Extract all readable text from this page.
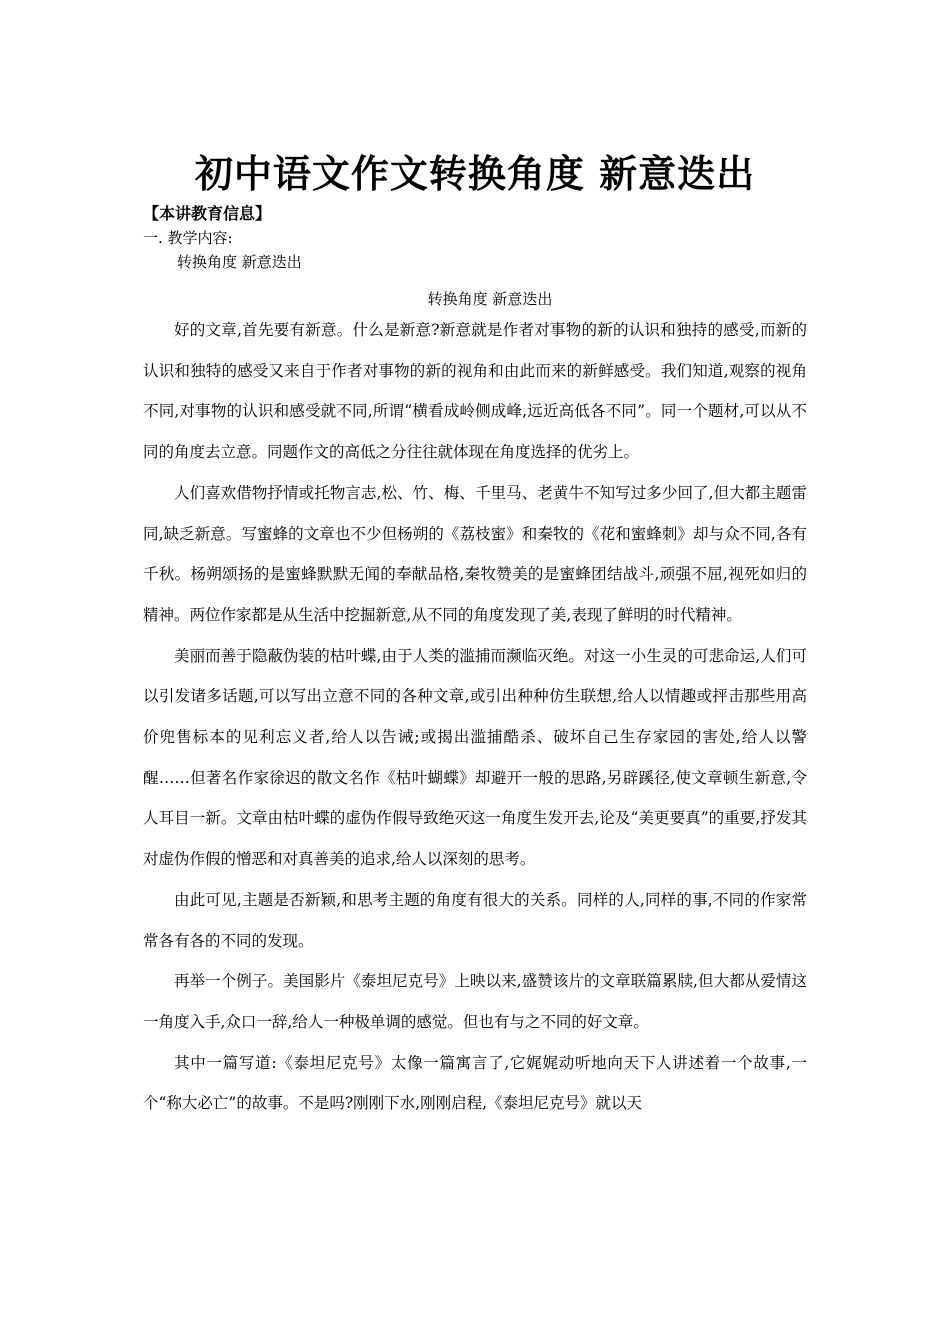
初中语文作文转换角度 新意迭出
【本讲教育信息】
一. 教学内容:
转换角度 新意迭出
转换角度 新意迭出

好的文章,首先要有新意。什么是新意?新意就是作者对事物的新的认识和独持的感受,而新的认识和独特的感受又来自于作者对事物的新的视角和由此而来的新鲜感受。我们知道,观察的视角不同,对事物的认识和感受就不同,所谓“横看成岭侧成峰,远近高低各不同”。同一个题材,可以从不同的角度去立意。同题作文的高低之分往往就体现在角度选择的优劣上。

人们喜欢借物抒情或托物言志,松、竹、梅、千里马、老黄牛不知写过多少回了,但大都主题雷同,缺乏新意。写蜜蜂的文章也不少但杨朔的《荔枝蜜》和秦牧的《花和蜜蜂刺》却与众不同,各有千秋。杨朔颂扬的是蜜蜂默默无闻的奉献品格,秦牧赞美的是蜜蜂团结战斗,顽强不屈,视死如归的精神。两位作家都是从生活中挖掘新意,从不同的角度发现了美,表现了鲜明的时代精神。

美丽而善于隐蔽伪装的枯叶蝶,由于人类的滥捕而濒临灭绝。对这一小生灵的可悲命运,人们可以引发诸多话题,可以写出立意不同的各种文章,或引出种种仿生联想,给人以情趣或抨击那些用高价兜售标本的见利忘义者,给人以告诫;或揭出滥捕酷杀、破坏自己生存家园的害处,给人以警醒……但著名作家徐迟的散文名作《枯叶蝴蝶》却避开一般的思路,另辟蹊径,使文章顿生新意,令人耳目一新。文章由枯叶蝶的虚伪作假导致绝灭这一角度生发开去,论及“美更要真”的重要,抒发其对虚伪作假的憎恶和对真善美的追求,给人以深刻的思考。

由此可见,主题是否新颖,和思考主题的角度有很大的关系。同样的人,同样的事,不同的作家常常各有各的不同的发现。

再举一个例子。美国影片《泰坦尼克号》上映以来,盛赞该片的文章联篇累牍,但大都从爱情这一角度入手,众口一辞,给人一种极单调的感觉。但也有与之不同的好文章。

其中一篇写道:《泰坦尼克号》太像一篇寓言了,它娓娓动听地向天下人讲述着一个故事,一个“称大必亡”的故事。不是吗?刚刚下水,刚刚启程,《泰坦尼克号》就以天
